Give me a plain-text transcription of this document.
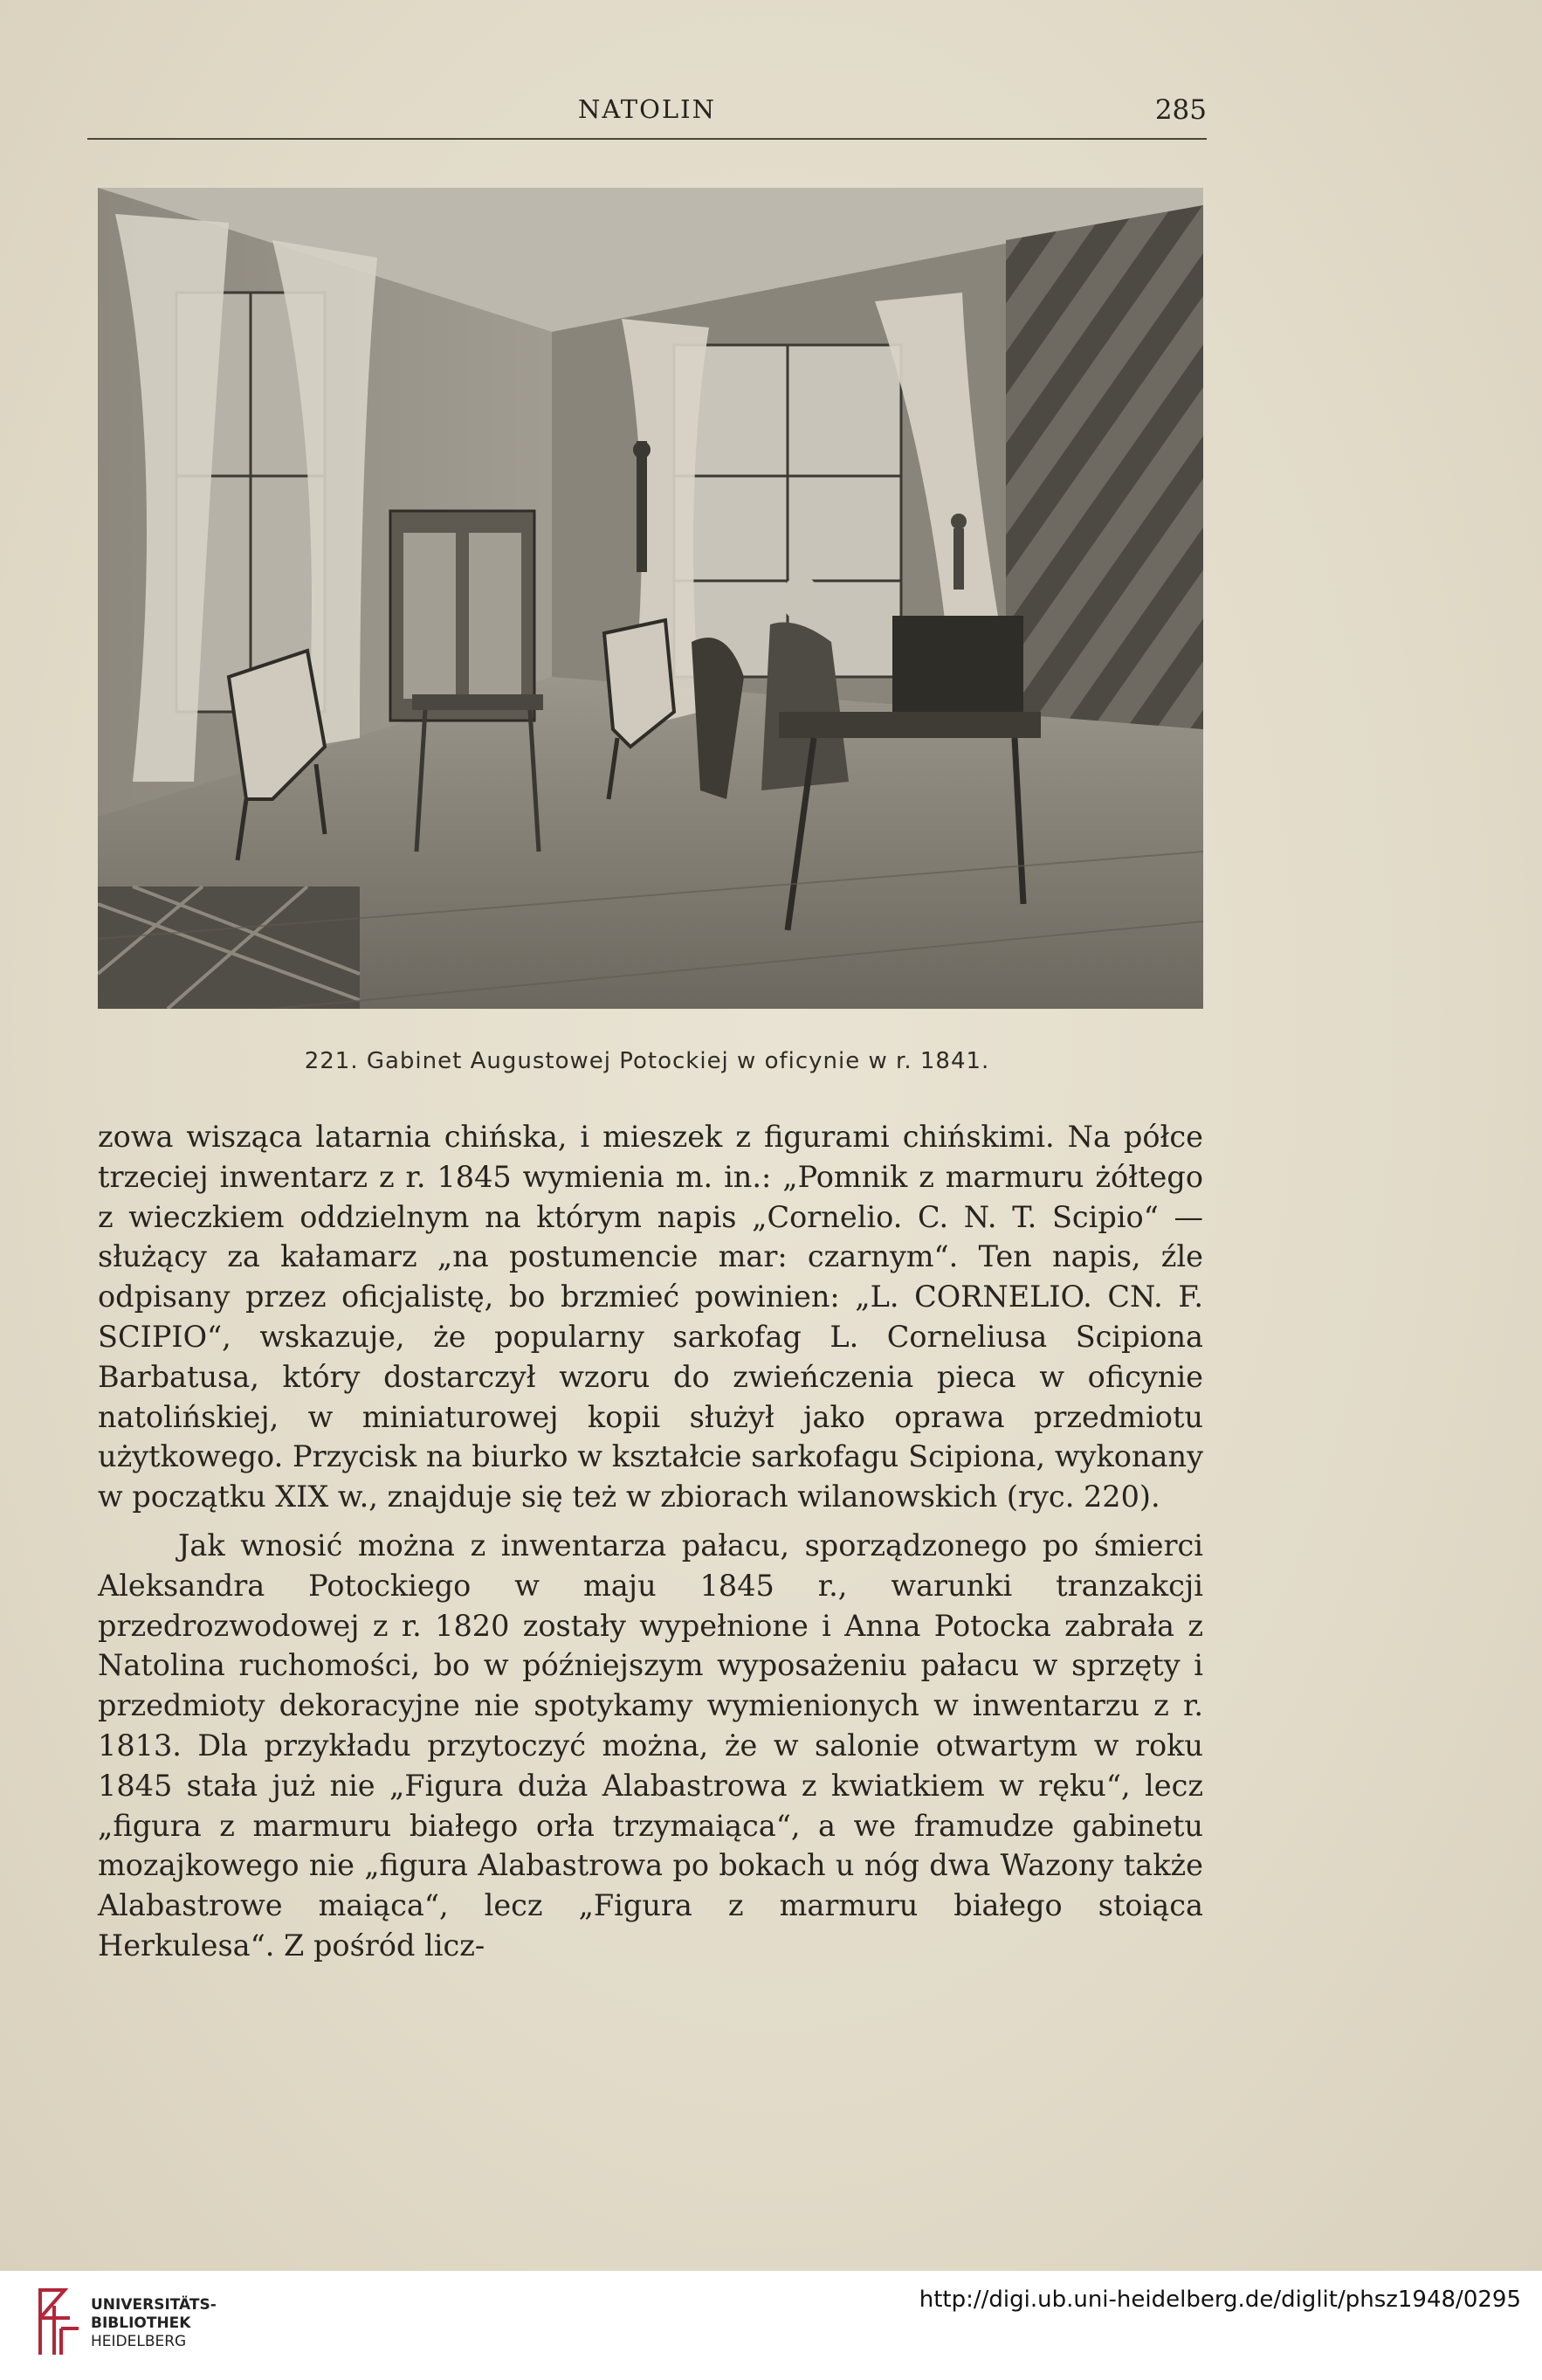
NATOLIN	285
221. Gabinet Augustowej Potockiej w oficynie w r. 1841.

zowa wisząca latarnia chińska, i mieszek z figurami chińskimi. Na półce trzeciej inwentarz z r. 1845 wymienia m. in.: „Pomnik z marmuru żółtego z wieczkiem oddzielnym na którym napis „Cornelio. C. N. T. Scipio“ — służący za kałamarz „na postumencie mar: czarnym“. Ten napis, źle odpisany przez oficjalistę, bo brzmieć powinien: „L. CORNELIO. CN. F. SCIPIO“, wskazuje, że popularny sarkofag L. Corneliusa Scipiona Barbatusa, który dostarczył wzoru do zwieńczenia pieca w oficynie natolińskiej, w miniaturowej kopii służył jako oprawa przedmiotu użytkowego. Przycisk na biurko w kształcie sarkofagu Scipiona, wykonany w początku XIX w., znajduje się też w zbiorach wilanowskich (ryc. 220).

Jak wnosić można z inwentarza pałacu, sporządzonego po śmierci Aleksandra Potockiego w maju 1845 r., warunki tranzakcji przedrozwodowej z r. 1820 zostały wypełnione i Anna Potocka zabrała z Natolina ruchomości, bo w późniejszym wyposażeniu pałacu w sprzęty i przedmioty dekoracyjne nie spotykamy wymienionych w inwentarzu z r. 1813. Dla przykładu przytoczyć można, że w salonie otwartym w roku 1845 stała już nie „Figura duża Alabastrowa z kwiatkiem w ręku“, lecz „figura z marmuru białego orła trzymaiąca“, a we framudze gabinetu mozajkowego nie „figura Alabastrowa po bokach u nóg dwa Wazony także Alabastrowe maiąca“, lecz „Figura z marmuru białego stoiąca Herkulesa“. Z pośród licz-

UNIVERSITÄTS-
BIBLIOTHEK
HEIDELBERG
http://digi.ub.uni-heidelberg.de/diglit/phsz1948/0295
